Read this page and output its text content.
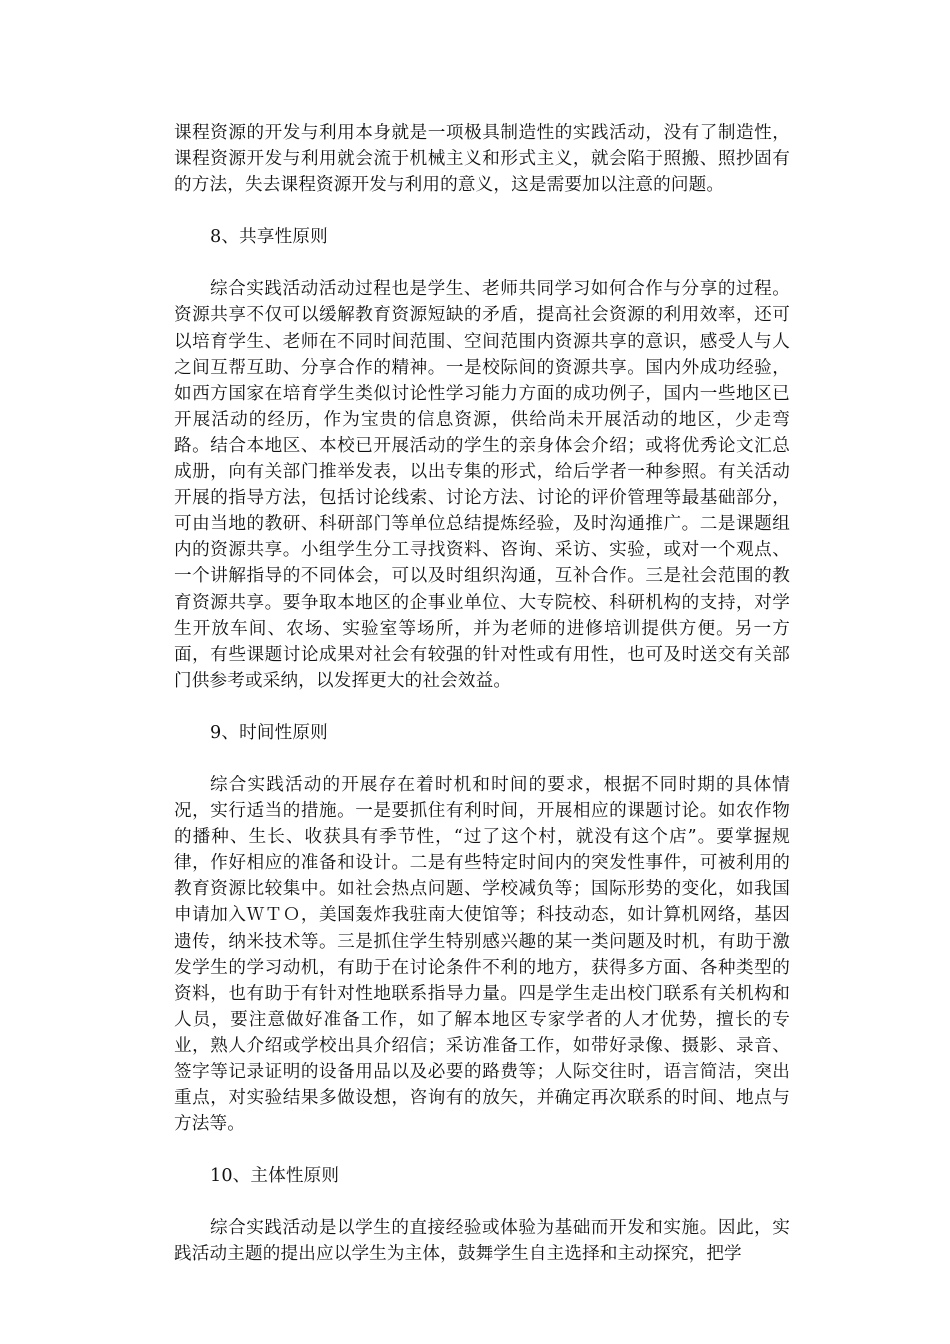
课程资源的开发与利用本身就是一项极具制造性的实践活动，没有了制造性，课程资源开发与利用就会流于机械主义和形式主义，就会陷于照搬、照抄固有的方法，失去课程资源开发与利用的意义，这是需要加以注意的问题。

8、共享性原则

综合实践活动活动过程也是学生、老师共同学习如何合作与分享的过程。资源共享不仅可以缓解教育资源短缺的矛盾，提高社会资源的利用效率，还可以培育学生、老师在不同时间范围、空间范围内资源共享的意识，感受人与人之间互帮互助、分享合作的精神。一是校际间的资源共享。国内外成功经验，如西方国家在培育学生类似讨论性学习能力方面的成功例子，国内一些地区已开展活动的经历，作为宝贵的信息资源，供给尚未开展活动的地区，少走弯路。结合本地区、本校已开展活动的学生的亲身体会介绍；或将优秀论文汇总成册，向有关部门推举发表，以出专集的形式，给后学者一种参照。有关活动开展的指导方法，包括讨论线索、讨论方法、讨论的评价管理等最基础部分，可由当地的教研、科研部门等单位总结提炼经验，及时沟通推广。二是课题组内的资源共享。小组学生分工寻找资料、咨询、采访、实验，或对一个观点、一个讲解指导的不同体会，可以及时组织沟通，互补合作。三是社会范围的教育资源共享。要争取本地区的企事业单位、大专院校、科研机构的支持，对学生开放车间、农场、实验室等场所，并为老师的进修培训提供方便。另一方面，有些课题讨论成果对社会有较强的针对性或有用性，也可及时送交有关部门供参考或采纳，以发挥更大的社会效益。

9、时间性原则

综合实践活动的开展存在着时机和时间的要求，根据不同时期的具体情况，实行适当的措施。一是要抓住有利时间，开展相应的课题讨论。如农作物的播种、生长、收获具有季节性，“过了这个村，就没有这个店”。要掌握规律，作好相应的准备和设计。二是有些特定时间内的突发性事件，可被利用的教育资源比较集中。如社会热点问题、学校减负等；国际形势的变化，如我国申请加入ＷＴＯ，美国轰炸我驻南大使馆等；科技动态，如计算机网络，基因遗传，纳米技术等。三是抓住学生特别感兴趣的某一类问题及时机，有助于激发学生的学习动机，有助于在讨论条件不利的地方，获得多方面、各种类型的资料，也有助于有针对性地联系指导力量。四是学生走出校门联系有关机构和人员，要注意做好准备工作，如了解本地区专家学者的人才优势，擅长的专业，熟人介绍或学校出具介绍信；采访准备工作，如带好录像、摄影、录音、签字等记录证明的设备用品以及必要的路费等；人际交往时，语言简洁，突出重点，对实验结果多做设想，咨询有的放矢，并确定再次联系的时间、地点与方法等。

10、主体性原则

综合实践活动是以学生的直接经验或体验为基础而开发和实施。因此，实践活动主题的提出应以学生为主体，鼓舞学生自主选择和主动探究，把学
